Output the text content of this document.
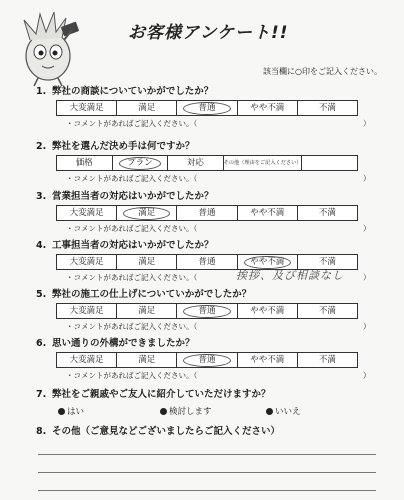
お客様アンケート!!
該当欄に○印をご記入ください。
1. 弊社の商談についていかがでしたか？
大変満足	満足	普通	やや不満	不満
・コメントがあればご記入ください。（	）
2. 弊社を選んだ決め手は何ですか？
価格	プラン	対応	その他（理由をご記入ください）
・コメントがあればご記入ください。（	）
3. 営業担当者の対応はいかがでしたか？
大変満足	満足	普通	やや不満	不満
・コメントがあればご記入ください。（	）
4. 工事担当者の対応はいかがでしたか？
大変満足	満足	普通	やや不満	不満
・コメントがあればご記入ください。（	挨拶、及び相談なし	）
5. 弊社の施工の仕上げについていかがでしたか？
大変満足	満足	普通	やや不満	不満
・コメントがあればご記入ください。（	）
6. 思い通りの外構ができましたか？
大変満足	満足	普通	やや不満	不満
・コメントがあればご記入ください。（	）
7. 弊社をご親戚やご友人に紹介していただけますか？
はい	検討します	いいえ
8. その他（ご意見などございましたらご記入ください）
